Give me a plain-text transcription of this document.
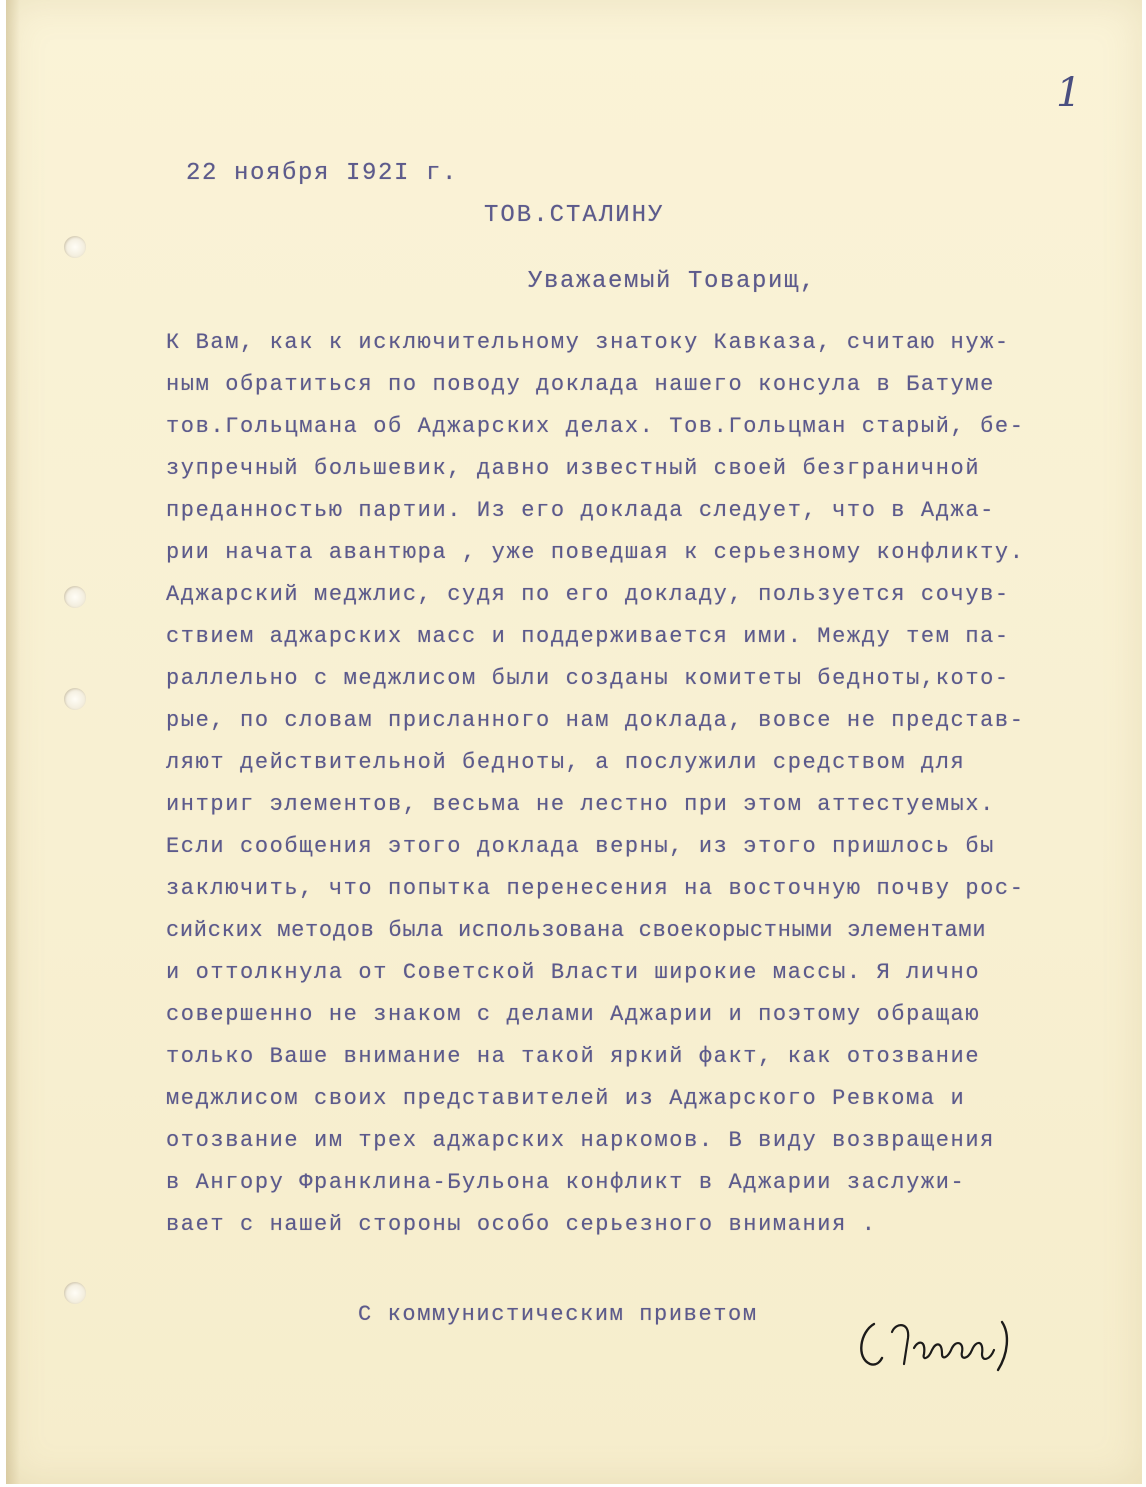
1
22 ноября I92I г.
ТОВ.СТАЛИНУ
Уважаемый Товарищ,
К Вам, как к исключительному знатоку Кавказа, считаю нуж-
ным обратиться по поводу доклада нашего консула в Батуме
тов.Гольцмана об Аджарских делах. Тов.Гольцман старый, бе-
зупречный большевик, давно известный своей безграничной
преданностью партии. Из его доклада следует, что в Аджа-
рии начата авантюра , уже поведшая к серьезному конфликту.
Аджарский меджлис, судя по его докладу, пользуется сочув-
ствием аджарских масс и поддерживается ими. Между тем па-
раллельно с меджлисом были созданы комитеты бедноты,кото-
рые, по словам присланного нам доклада, вовсе не представ-
ляют действительной бедноты, а послужили средством для
интриг элементов, весьма не лестно при этом аттестуемых.
Если сообщения этого доклада верны, из этого пришлось бы
заключить, что попытка перенесения на восточную почву рос-
сийских методов была использована своекорыстными элементами
и оттолкнула от Советской Власти широкие массы. Я лично
совершенно не знаком с делами Аджарии и поэтому обращаю
только Ваше внимание на такой яркий факт, как отозвание
меджлисом своих представителей из Аджарского Ревкома и
отозвание им трех аджарских наркомов. В виду возвращения
в Ангору Франклина-Бульона конфликт в Аджарии заслужи-
вает с нашей стороны особо серьезного внимания .
С коммунистическим приветом
